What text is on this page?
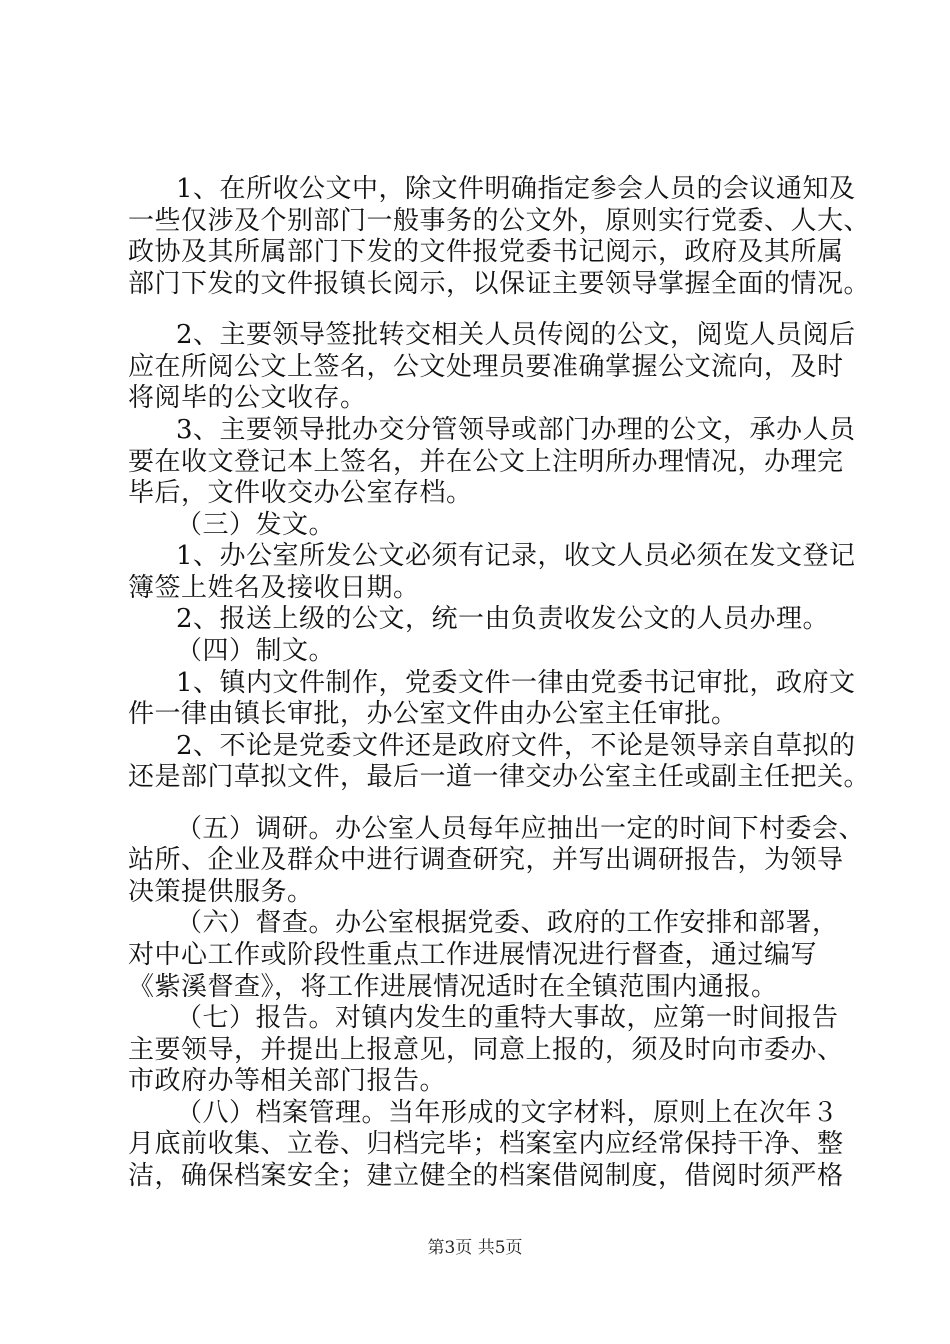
1、在所收公文中，除文件明确指定参会人员的会议通知及
一些仅涉及个别部门一般事务的公文外，原则实行党委、人大、
政协及其所属部门下发的文件报党委书记阅示，政府及其所属
部门下发的文件报镇长阅示，以保证主要领导掌握全面的情况。
2、主要领导签批转交相关人员传阅的公文，阅览人员阅后
应在所阅公文上签名，公文处理员要准确掌握公文流向，及时
将阅毕的公文收存。
3、主要领导批办交分管领导或部门办理的公文，承办人员
要在收文登记本上签名，并在公文上注明所办理情况，办理完
毕后，文件收交办公室存档。
（三）发文。
1、办公室所发公文必须有记录，收文人员必须在发文登记
簿签上姓名及接收日期。
2、报送上级的公文，统一由负责收发公文的人员办理。
（四）制文。
1、镇内文件制作，党委文件一律由党委书记审批，政府文
件一律由镇长审批，办公室文件由办公室主任审批。
2、不论是党委文件还是政府文件，不论是领导亲自草拟的
还是部门草拟文件，最后一道一律交办公室主任或副主任把关。
（五）调研。办公室人员每年应抽出一定的时间下村委会、
站所、企业及群众中进行调查研究，并写出调研报告，为领导
决策提供服务。
（六）督查。办公室根据党委、政府的工作安排和部署，
对中心工作或阶段性重点工作进展情况进行督查，通过编写
《紫溪督查》，将工作进展情况适时在全镇范围内通报。
（七）报告。对镇内发生的重特大事故，应第一时间报告
主要领导，并提出上报意见，同意上报的，须及时向市委办、
市政府办等相关部门报告。
（八）档案管理。当年形成的文字材料，原则上在次年３
月底前收集、立卷、归档完毕；档案室内应经常保持干净、整
洁，确保档案安全；建立健全的档案借阅制度，借阅时须严格
第3页 共5页
